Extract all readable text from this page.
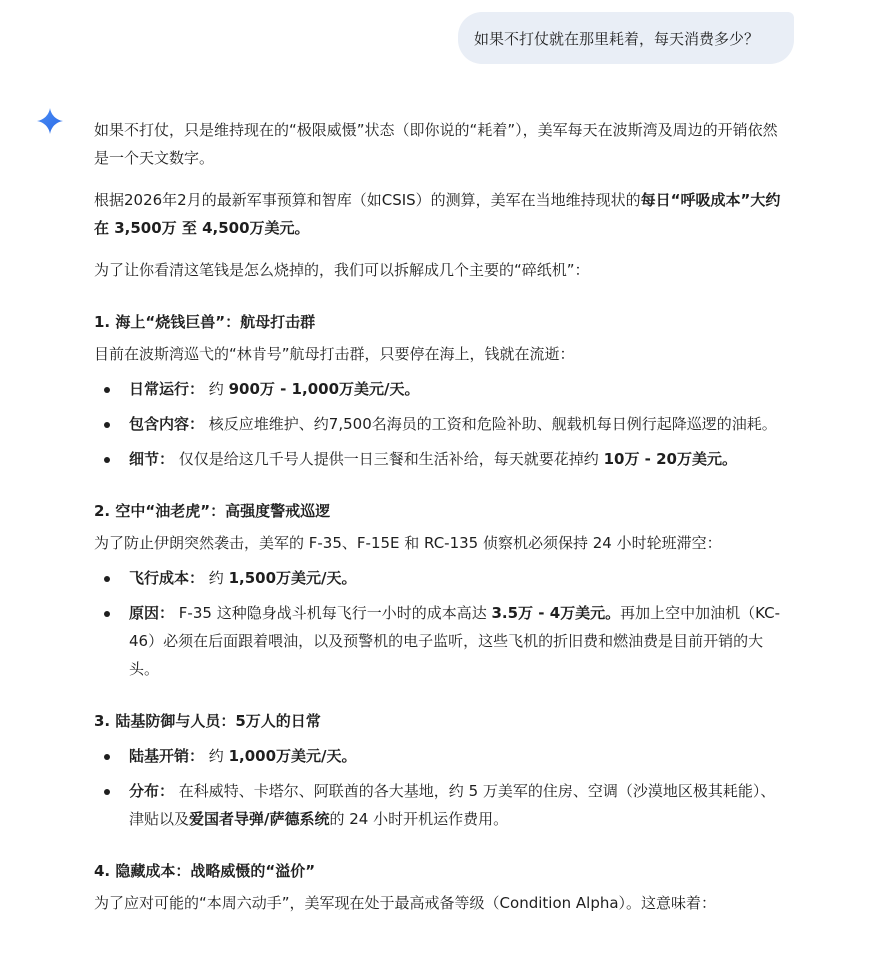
如果不打仗就在那里耗着，每天消费多少？

如果不打仗，只是维持现在的“极限威慑”状态（即你说的“耗着”），美军每天在波斯湾及周边的开销依然是一个天文数字。

根据2026年2月的最新军事预算和智库（如CSIS）的测算，美军在当地维持现状的每日“呼吸成本”大约在 3,500万 至 4,500万美元。

为了让你看清这笔钱是怎么烧掉的，我们可以拆解成几个主要的“碎纸机”：

1. 海上“烧钱巨兽”：航母打击群

目前在波斯湾巡弋的“林肯号”航母打击群，只要停在海上，钱就在流逝：

日常运行： 约 900万 - 1,000万美元/天。
包含内容： 核反应堆维护、约7,500名海员的工资和危险补助、舰载机每日例行起降巡逻的油耗。
细节： 仅仅是给这几千号人提供一日三餐和生活补给，每天就要花掉约 10万 - 20万美元。

2. 空中“油老虎”：高强度警戒巡逻

为了防止伊朗突然袭击，美军的 F-35、F-15E 和 RC-135 侦察机必须保持 24 小时轮班滞空：

飞行成本： 约 1,500万美元/天。
原因： F-35 这种隐身战斗机每飞行一小时的成本高达 3.5万 - 4万美元。再加上空中加油机（KC-46）必须在后面跟着喂油，以及预警机的电子监听，这些飞机的折旧费和燃油费是目前开销的大头。

3. 陆基防御与人员：5万人的日常

陆基开销： 约 1,000万美元/天。
分布： 在科威特、卡塔尔、阿联酋的各大基地，约 5 万美军的住房、空调（沙漠地区极其耗能）、津贴以及爱国者导弹/萨德系统的 24 小时开机运作费用。

4. 隐藏成本：战略威慑的“溢价”

为了应对可能的“本周六动手”，美军现在处于最高戒备等级（Condition Alpha）。这意味着：
